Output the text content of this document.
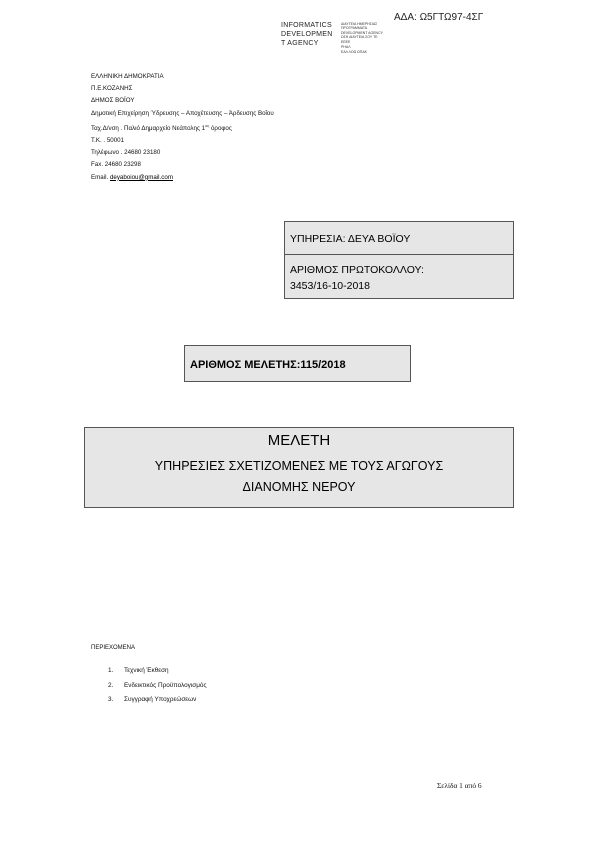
ΑΔΑ: Ω5ΓΤΩ97-4ΣΓ
INFORMATICS
DEVELOPMEN
T AGENCY
ΔΙΑΥΓΕΙΑ ΗΜΕΡΗΣΙΑΣ
ΠΡΟΓΡΑΜΜΑΤΑ
DEVELOPMENT AGENCY
ΩΣΗ ΔΙΑΥΓΕΙΑ ΣΟΥ ΤΕ
ΕΕΕΕ
ΡΗΑΛ
ΕΑΛ ΛΟΩ ΩΠΑΚ
ΕΛΛΗΝΙΚΗ ΔΗΜΟΚΡΑΤΙΑ
Π.Ε.ΚΟΖΑΝΗΣ
ΔΗΜΟΣ ΒΟΪΟΥ
Δημοτική Επιχείρηση Ύδρευσης – Αποχέτευσης – Άρδευσης Βοΐου
Ταχ.Δ/νση . Παλιό Δημαρχείο Νεάπολης $1^{o\varsigma}$ όροφος
Τ.Κ. . 50001
Τηλέφωνο . 24680 23180
Fax. 24680 23298
Email. deyaboiou@gmail.com
ΥΠΗΡΕΣΙΑ: ΔΕΥΑ ΒΟΪΟΥ
ΑΡΙΘΜΟΣ ΠΡΩΤΟΚΟΛΛΟΥ:
3453/16-10-2018
ΑΡΙΘΜΟΣ ΜΕΛΕΤΗΣ:115/2018
ΜΕΛΕΤΗ
ΥΠΗΡΕΣΙΕΣ ΣΧΕΤΙΖΟΜΕΝΕΣ ΜΕ ΤΟΥΣ ΑΓΩΓΟΥΣ
ΔΙΑΝΟΜΗΣ ΝΕΡΟΥ
ΠΕΡΙΕΧΟΜΕΝΑ
1. Τεχνική Έκθεση
2. Ενδεικτικός Προϋπολογισμός
3. Συγγραφή Υποχρεώσεων
Σελίδα 1 από 6
